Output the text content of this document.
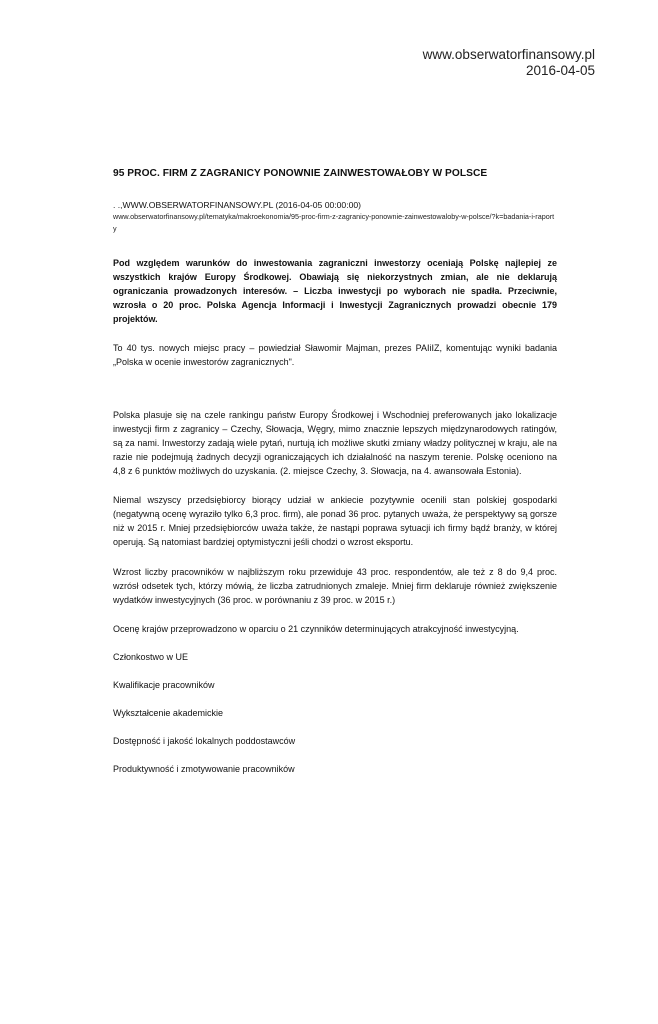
www.obserwatorfinansowy.pl
2016-04-05
95 PROC. FIRM Z ZAGRANICY PONOWNIE ZAINWESTOWAŁOBY W POLSCE
. .,WWW.OBSERWATORFINANSOWY.PL (2016-04-05 00:00:00)
www.obserwatorfinansowy.pl/tematyka/makroekonomia/95-proc-firm-z-zagranicy-ponownie-zainwestowaloby-w-polsce/?k=badania-i-raporty

Pod względem warunków do inwestowania zagraniczni inwestorzy oceniają Polskę najlepiej ze wszystkich krajów Europy Środkowej. Obawiają się niekorzystnych zmian, ale nie deklarują ograniczania prowadzonych interesów. – Liczba inwestycji po wyborach nie spadła. Przeciwnie, wzrosła o 20 proc. Polska Agencja Informacji i Inwestycji Zagranicznych prowadzi obecnie 179 projektów.

To 40 tys. nowych miejsc pracy – powiedział Sławomir Majman, prezes PAIiIZ, komentując wyniki badania „Polska w ocenie inwestorów zagranicznych".

Polska plasuje się na czele rankingu państw Europy Środkowej i Wschodniej preferowanych jako lokalizacje inwestycji firm z zagranicy – Czechy, Słowacja, Węgry, mimo znacznie lepszych międzynarodowych ratingów, są za nami. Inwestorzy zadają wiele pytań, nurtują ich możliwe skutki zmiany władzy politycznej w kraju, ale na razie nie podejmują żadnych decyzji ograniczających ich działalność na naszym terenie. Polskę oceniono na 4,8 z 6 punktów możliwych do uzyskania. (2. miejsce Czechy, 3. Słowacja, na 4. awansowała Estonia).

Niemal wszyscy przedsiębiorcy biorący udział w ankiecie pozytywnie ocenili stan polskiej gospodarki (negatywną ocenę wyraziło tylko 6,3 proc. firm), ale ponad 36 proc. pytanych uważa, że perspektywy są gorsze niż w 2015 r. Mniej przedsiębiorców uważa także, że nastąpi poprawa sytuacji ich firmy bądź branży, w której operują. Są natomiast bardziej optymistyczni jeśli chodzi o wzrost eksportu.

Wzrost liczby pracowników w najbliższym roku przewiduje 43 proc. respondentów, ale też z 8 do 9,4 proc. wzrósł odsetek tych, którzy mówią, że liczba zatrudnionych zmaleje. Mniej firm deklaruje również zwiększenie wydatków inwestycyjnych (36 proc. w porównaniu z 39 proc. w 2015 r.)

Ocenę krajów przeprowadzono w oparciu o 21 czynników determinujących atrakcyjność inwestycyjną.

Członkostwo w UE

Kwalifikacje pracowników

Wykształcenie akademickie

Dostępność i jakość lokalnych poddostawców

Produktywność i zmotywowanie pracowników
